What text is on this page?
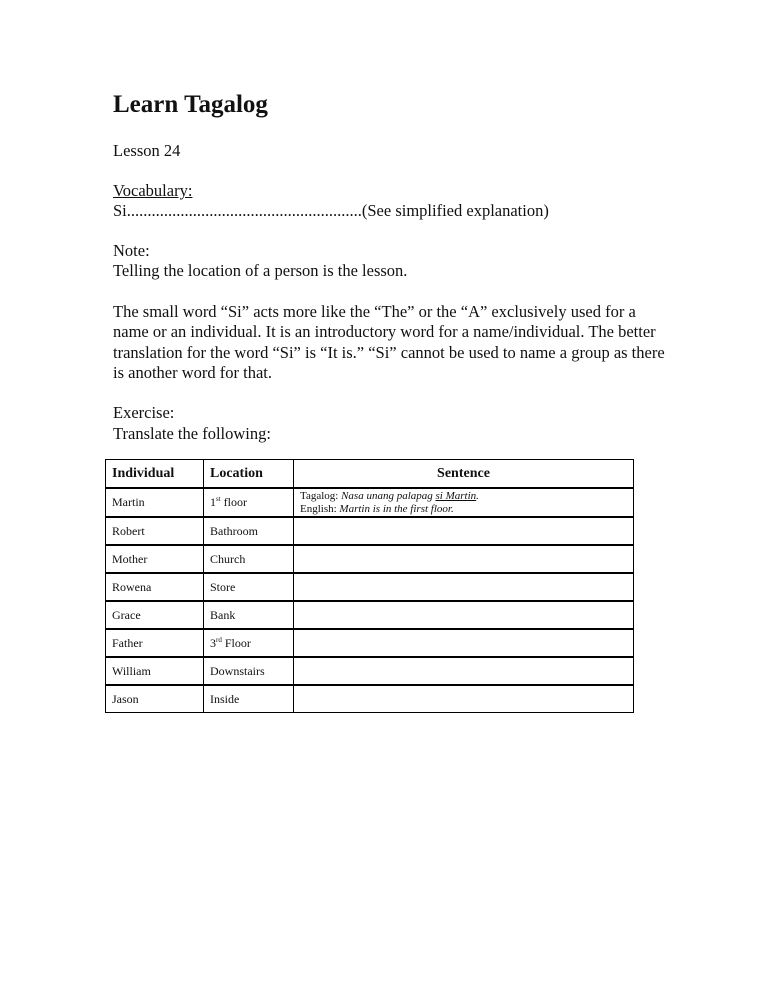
Learn Tagalog

Lesson 24

Vocabulary:

Si.........................................................(See simplified explanation)

Note:

Telling the location of a person is the lesson.

The small word “Si” acts more like the “The” or the “A” exclusively used for a name or an individual. It is an introductory word for a name/individual. The better translation for the word “Si” is “It is.” “Si” cannot be used to name a group as there is another word for that.

Exercise:

Translate the following:

Individual	Location	Sentence
Martin	1st floor	Tagalog: Nasa unang palapag si Martin.
English: Martin is in the first floor.

Robert	Bathroom	
Mother	Church	
Rowena	Store	
Grace	Bank	
Father	3rd Floor	
William	Downstairs	
Jason	Inside	
